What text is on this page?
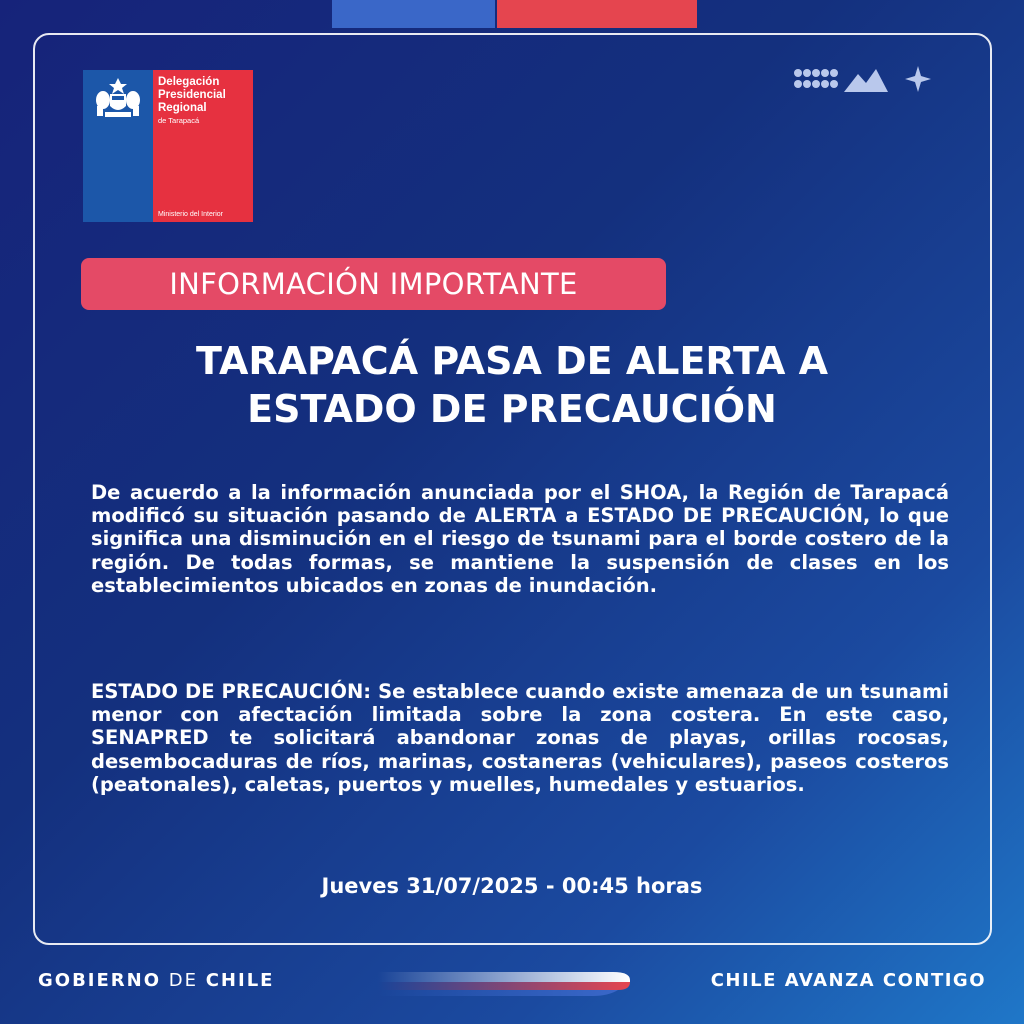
Delegación
Presidencial
Regional
de Tarapacá
Ministerio del Interior
INFORMACIÓN IMPORTANTE
TARAPACÁ PASA DE ALERTA A
ESTADO DE PRECAUCIÓN

De acuerdo a la información anunciada por el SHOA, la Región de Tarapacá modificó su situación pasando de ALERTA a ESTADO DE PRECAUCIÓN, lo que significa una disminución en el riesgo de tsunami para el borde costero de la región. De todas formas, se mantiene la suspensión de clases en los establecimientos ubicados en zonas de inundación.

ESTADO DE PRECAUCIÓN: Se establece cuando existe amenaza de un tsunami menor con afectación limitada sobre la zona costera. En este caso, SENAPRED te solicitará abandonar zonas de playas, orillas rocosas, desembocaduras de ríos, marinas, costaneras (vehiculares), paseos costeros (peatonales), caletas, puertos y muelles, humedales y estuarios.

Jueves 31/07/2025 - 00:45 horas
GOBIERNO DE CHILE	CHILE AVANZA CONTIGO
